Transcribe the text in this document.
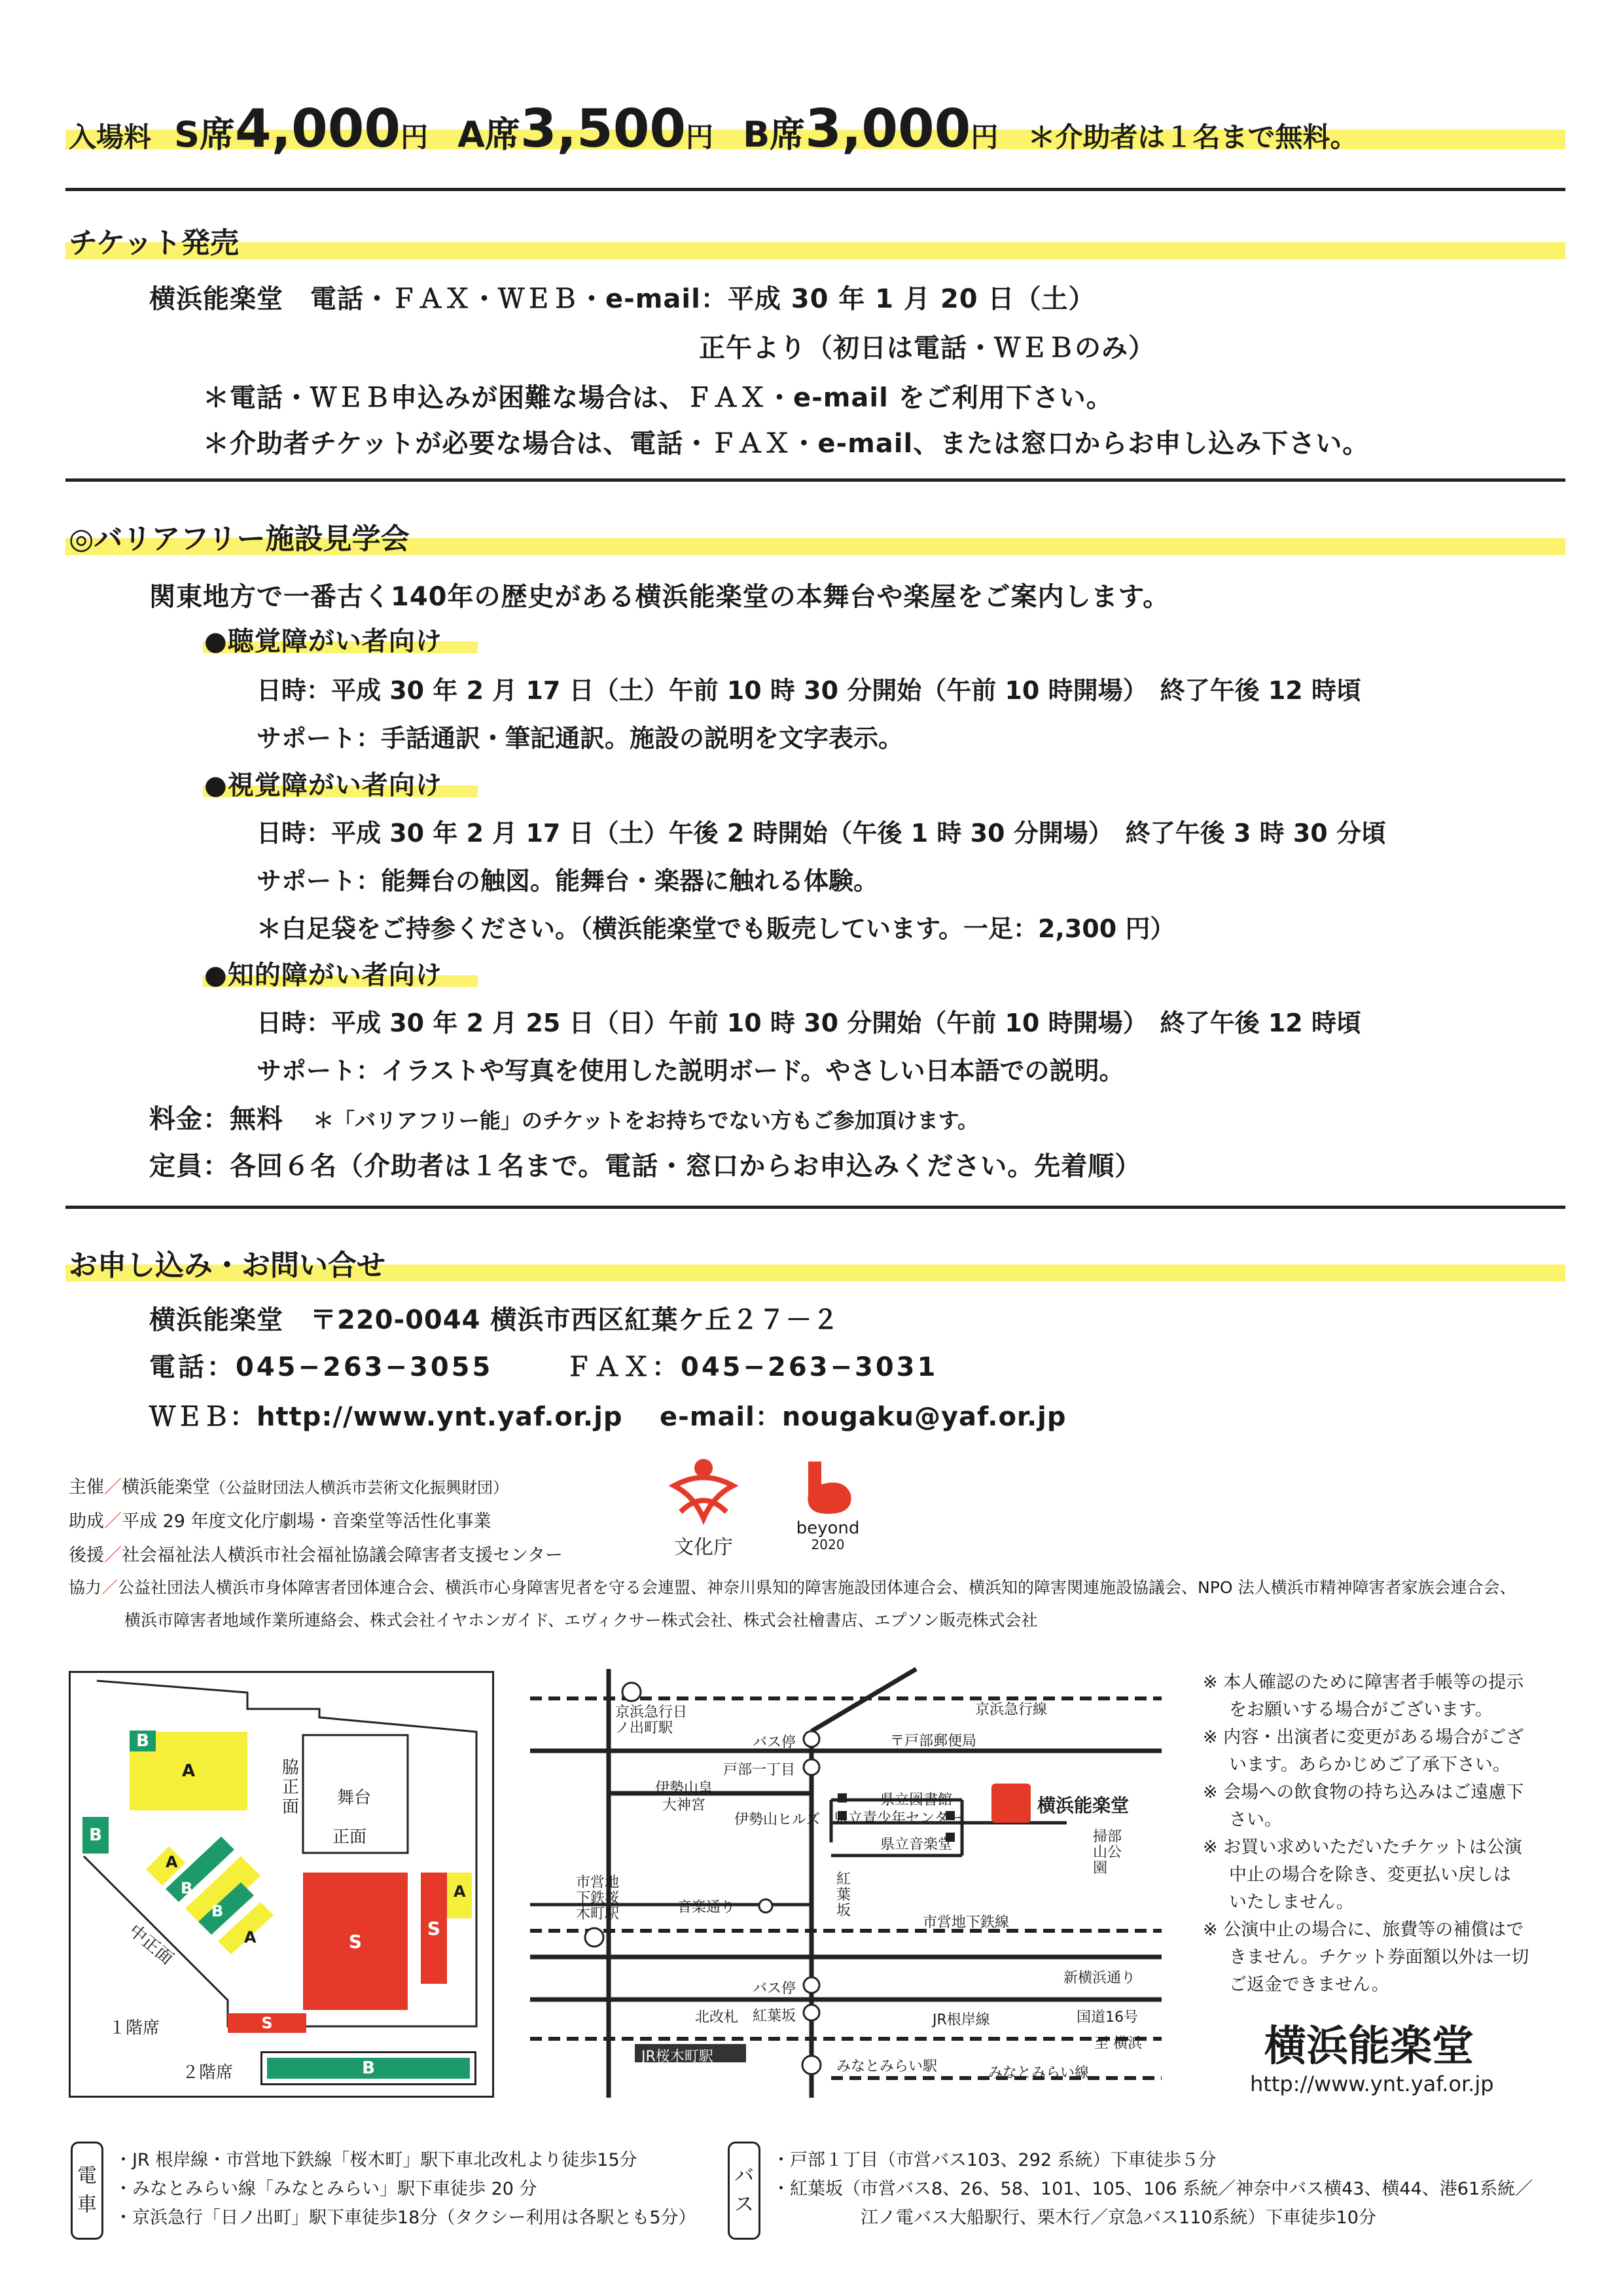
入場料 S席4,000円 A席3,500円 B席3,000円 ＊介助者は１名まで無料。
チケット発売
横浜能楽堂　電話・ＦＡＸ・ＷＥＢ・e-mail：平成 30 年 1 月 20 日（土）
正午より（初日は電話・ＷＥＢのみ）
＊電話・ＷＥＢ申込みが困難な場合は、ＦＡＸ・e-mail をご利用下さい。
＊介助者チケットが必要な場合は、電話・ＦＡＸ・e-mail、または窓口からお申し込み下さい。
◎バリアフリー施設見学会
関東地方で一番古く140年の歴史がある横浜能楽堂の本舞台や楽屋をご案内します。
●聴覚障がい者向け
日時：平成 30 年 2 月 17 日（土）午前 10 時 30 分開始（午前 10 時開場）　終了午後 12 時頃
サポート：手話通訳・筆記通訳。施設の説明を文字表示。
●視覚障がい者向け
日時：平成 30 年 2 月 17 日（土）午後 2 時開始（午後 1 時 30 分開場）　終了午後 3 時 30 分頃
サポート：能舞台の触図。能舞台・楽器に触れる体験。
＊白足袋をご持参ください。（横浜能楽堂でも販売しています。一足：2,300 円）
●知的障がい者向け
日時：平成 30 年 2 月 25 日（日）午前 10 時 30 分開始（午前 10 時開場）　終了午後 12 時頃
サポート：イラストや写真を使用した説明ボード。やさしい日本語での説明。
料金：無料 ＊「バリアフリー能」のチケットをお持ちでない方もご参加頂けます。
定員：各回６名（介助者は１名まで。電話・窓口からお申込みください。先着順）
お申し込み・お問い合せ
横浜能楽堂　〒220-0044 横浜市西区紅葉ケ丘２７－２
電話：045−263−3055	ＦＡＸ：045−263−3031
ＷＥＢ：http://www.ynt.yaf.or.jp e-mail：nougaku@yaf.or.jp
主催／横浜能楽堂（公益財団法人横浜市芸術文化振興財団）
助成／平成 29 年度文化庁劇場・音楽堂等活性化事業
後援／社会福祉法人横浜市社会福祉協議会障害者支援センター
協力／公益社団法人横浜市身体障害者団体連合会、横浜市心身障害児者を守る会連盟、神奈川県知的障害施設団体連合会、横浜知的障害関連施設協議会、NPO 法人横浜市精神障害者家族会連合会、
横浜市障害者地域作業所連絡会、株式会社イヤホンガイド、エヴィクサー株式会社、株式会社檜書店、エプソン販売株式会社
文化庁
beyond
2020
舞台
脇正面
正面
中正面
１階席
２階席
A
B
B
A
B
B
A	S
S
A
S
B
京浜急行線
京浜急行日ノ出町駅
バス停	〒戸部郵便局
戸部一丁目
伊勢山皇大神宮
伊勢山ヒルズ
県立図書館
県立青少年センター
県立音楽堂
横浜能楽堂
掃部山公園
紅葉坂
市営地下鉄桜木町駅	音楽通り
市営地下鉄線
新横浜通り
バス停
北改札 紅葉坂	JR根岸線	国道16号
至 横浜
JR桜木町駅
みなとみらい駅	みなとみらい線
※ 本人確認のために障害者手帳等の提示
をお願いする場合がございます。
※ 内容・出演者に変更がある場合がござ
います。あらかじめご了承下さい。
※ 会場への飲食物の持ち込みはご遠慮下
さい。
※ お買い求めいただいたチケットは公演
中止の場合を除き、変更払い戻しは
いたしません。
※ 公演中止の場合に、旅費等の補償はで
きません。チケット券面額以外は一切
ご返金できません。
横浜能楽堂
http://www.ynt.yaf.or.jp
電車
・JR 根岸線・市営地下鉄線「桜木町」駅下車北改札より徒歩15分
・みなとみらい線「みなとみらい」駅下車徒歩 20 分
・京浜急行「日ノ出町」駅下車徒歩18分（タクシー利用は各駅とも5分）
バス
・戸部１丁目（市営バス103、292 系統）下車徒歩５分
・紅葉坂（市営バス8、26、58、101、105、106 系統／神奈中バス横43、横44、港61系統／
江ノ電バス大船駅行、栗木行／京急バス110系統）下車徒歩10分
